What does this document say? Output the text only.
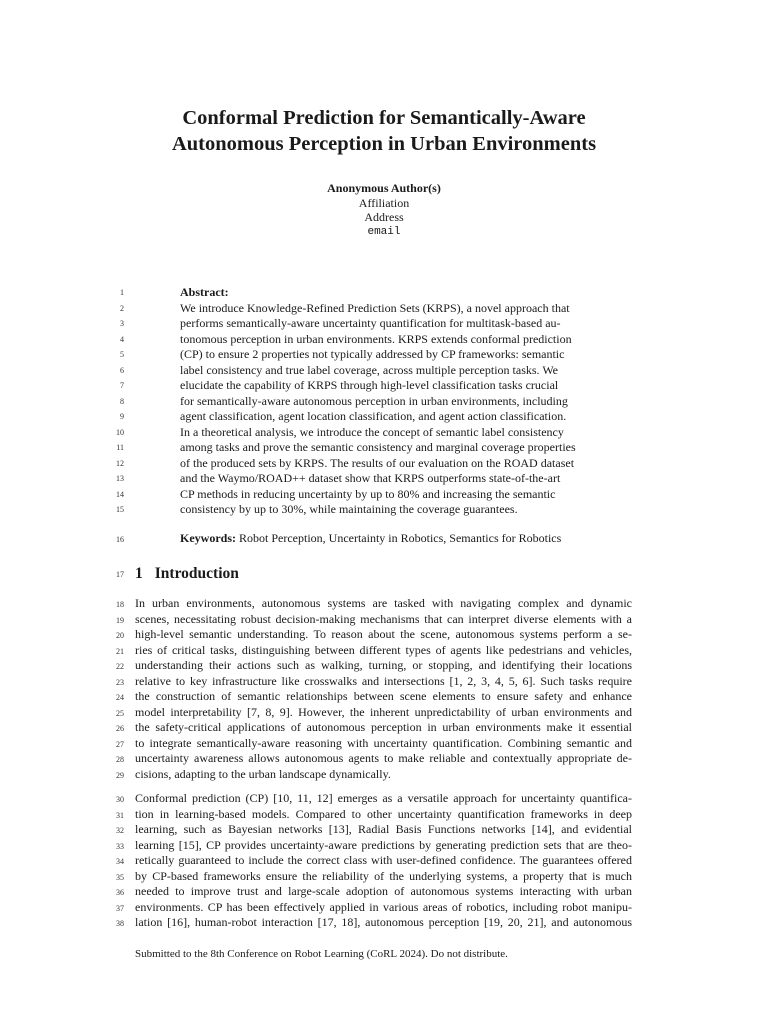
Conformal Prediction for Semantically-Aware
Autonomous Perception in Urban Environments
Anonymous Author(s)
Affiliation
Address
email
Abstract:
We introduce Knowledge-Refined Prediction Sets (KRPS), a novel approach that
performs semantically-aware uncertainty quantification for multitask-based au-
tonomous perception in urban environments. KRPS extends conformal prediction
(CP) to ensure 2 properties not typically addressed by CP frameworks: semantic
label consistency and true label coverage, across multiple perception tasks. We
elucidate the capability of KRPS through high-level classification tasks crucial
for semantically-aware autonomous perception in urban environments, including
agent classification, agent location classification, and agent action classification.
In a theoretical analysis, we introduce the concept of semantic label consistency
among tasks and prove the semantic consistency and marginal coverage properties
of the produced sets by KRPS. The results of our evaluation on the ROAD dataset
and the Waymo/ROAD++ dataset show that KRPS outperforms state-of-the-art
CP methods in reducing uncertainty by up to 80% and increasing the semantic
consistency by up to 30%, while maintaining the coverage guarantees.
Keywords: Robot Perception, Uncertainty in Robotics, Semantics for Robotics
1 Introduction
In urban environments, autonomous systems are tasked with navigating complex and dynamic
scenes, necessitating robust decision-making mechanisms that can interpret diverse elements with a
high-level semantic understanding. To reason about the scene, autonomous systems perform a se-
ries of critical tasks, distinguishing between different types of agents like pedestrians and vehicles,
understanding their actions such as walking, turning, or stopping, and identifying their locations
relative to key infrastructure like crosswalks and intersections [1, 2, 3, 4, 5, 6]. Such tasks require
the construction of semantic relationships between scene elements to ensure safety and enhance
model interpretability [7, 8, 9]. However, the inherent unpredictability of urban environments and
the safety-critical applications of autonomous perception in urban environments make it essential
to integrate semantically-aware reasoning with uncertainty quantification. Combining semantic and
uncertainty awareness allows autonomous agents to make reliable and contextually appropriate de-
cisions, adapting to the urban landscape dynamically.
Conformal prediction (CP) [10, 11, 12] emerges as a versatile approach for uncertainty quantifica-
tion in learning-based models. Compared to other uncertainty quantification frameworks in deep
learning, such as Bayesian networks [13], Radial Basis Functions networks [14], and evidential
learning [15], CP provides uncertainty-aware predictions by generating prediction sets that are theo-
retically guaranteed to include the correct class with user-defined confidence. The guarantees offered
by CP-based frameworks ensure the reliability of the underlying systems, a property that is much
needed to improve trust and large-scale adoption of autonomous systems interacting with urban
environments. CP has been effectively applied in various areas of robotics, including robot manipu-
lation [16], human-robot interaction [17, 18], autonomous perception [19, 20, 21], and autonomous
1
2
3
4
5
6
7
8
9
10
11
12
13
14
15
16
17
18
19
20
21
22
23
24
25
26
27
28
29
30
31
32
33
34
35
36
37
38
Submitted to the 8th Conference on Robot Learning (CoRL 2024). Do not distribute.
